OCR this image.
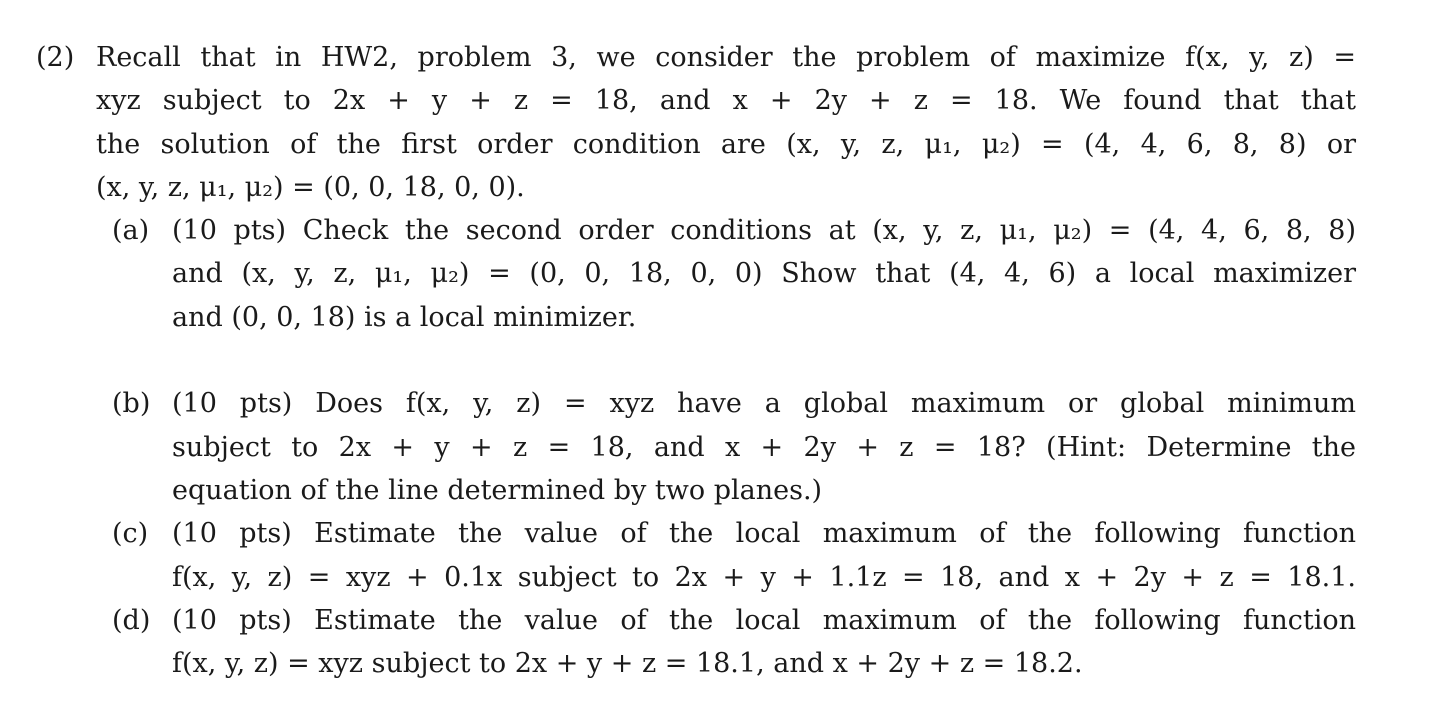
(2) Recall that in HW2, problem 3, we consider the problem of maximize f(x, y, z) =
xyz subject to 2x + y + z = 18, and x + 2y + z = 18. We found that that
the solution of the first order condition are (x, y, z, μ₁, μ₂) = (4, 4, 6, 8, 8) or
(x, y, z, μ₁, μ₂) = (0, 0, 18, 0, 0).
(a) (10 pts) Check the second order conditions at (x, y, z, μ₁, μ₂) = (4, 4, 6, 8, 8)
and (x, y, z, μ₁, μ₂) = (0, 0, 18, 0, 0) Show that (4, 4, 6) a local maximizer
and (0, 0, 18) is a local minimizer.
(b) (10 pts) Does f(x, y, z) = xyz have a global maximum or global minimum
subject to 2x + y + z = 18, and x + 2y + z = 18? (Hint: Determine the
equation of the line determined by two planes.)
(c) (10 pts) Estimate the value of the local maximum of the following function
f(x, y, z) = xyz + 0.1x subject to 2x + y + 1.1z = 18, and x + 2y + z = 18.1.
(d) (10 pts) Estimate the value of the local maximum of the following function
f(x, y, z) = xyz subject to 2x + y + z = 18.1, and x + 2y + z = 18.2.
